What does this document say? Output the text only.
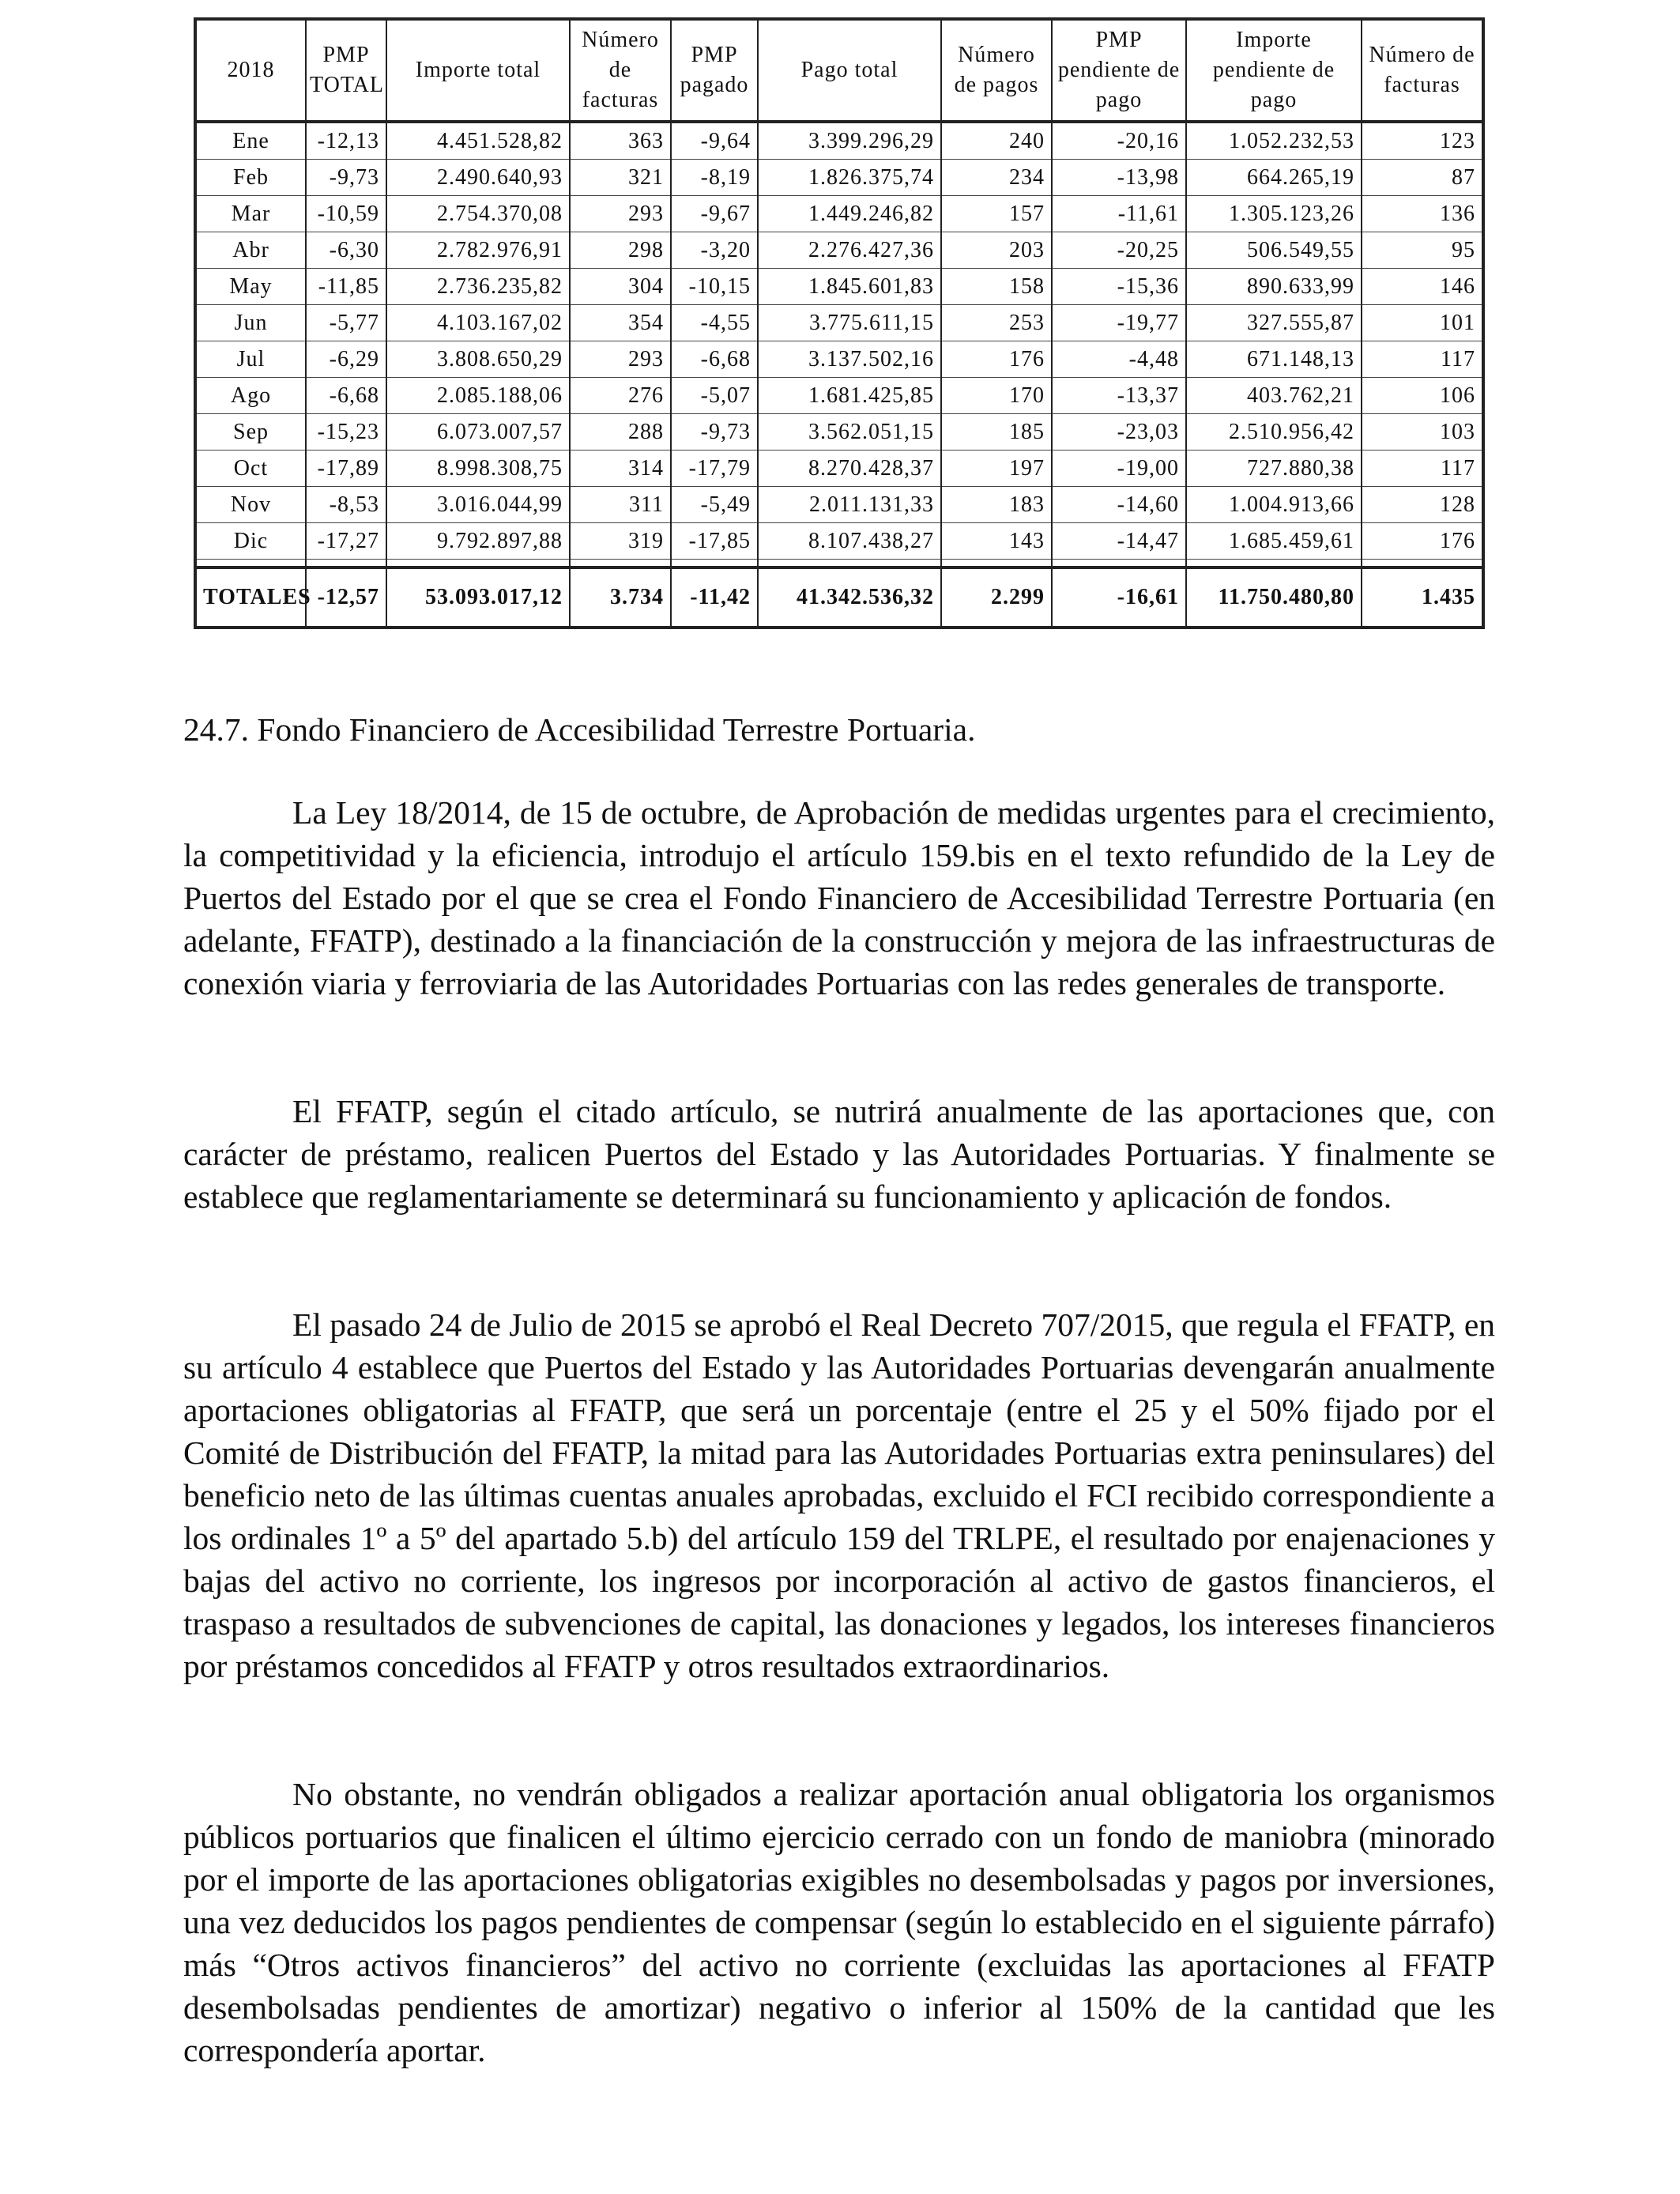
2018	PMP TOTAL	Importe total	Número de facturas	PMP pagado	Pago total	Número de pagos	PMP pendiente de pago	Importe pendiente de pago	Número de facturas
Ene	-12,13	4.451.528,82	363	-9,64	3.399.296,29	240	-20,16	1.052.232,53	123
Feb	-9,73	2.490.640,93	321	-8,19	1.826.375,74	234	-13,98	664.265,19	87
Mar	-10,59	2.754.370,08	293	-9,67	1.449.246,82	157	-11,61	1.305.123,26	136
Abr	-6,30	2.782.976,91	298	-3,20	2.276.427,36	203	-20,25	506.549,55	95
May	-11,85	2.736.235,82	304	-10,15	1.845.601,83	158	-15,36	890.633,99	146
Jun	-5,77	4.103.167,02	354	-4,55	3.775.611,15	253	-19,77	327.555,87	101
Jul	-6,29	3.808.650,29	293	-6,68	3.137.502,16	176	-4,48	671.148,13	117
Ago	-6,68	2.085.188,06	276	-5,07	1.681.425,85	170	-13,37	403.762,21	106
Sep	-15,23	6.073.007,57	288	-9,73	3.562.051,15	185	-23,03	2.510.956,42	103
Oct	-17,89	8.998.308,75	314	-17,79	8.270.428,37	197	-19,00	727.880,38	117
Nov	-8,53	3.016.044,99	311	-5,49	2.011.131,33	183	-14,60	1.004.913,66	128
Dic	-17,27	9.792.897,88	319	-17,85	8.107.438,27	143	-14,47	1.685.459,61	176

TOTALES	-12,57	53.093.017,12	3.734	-11,42	41.342.536,32	2.299	-16,61	11.750.480,80	1.435

24.7. Fondo Financiero de Accesibilidad Terrestre Portuaria.

La Ley 18/2014, de 15 de octubre, de Aprobación de medidas urgentes para el crecimiento, la competitividad y la eficiencia, introdujo el artículo 159.bis en el texto refundido de la Ley de Puertos del Estado por el que se crea el Fondo Financiero de Accesibilidad Terrestre Portuaria (en adelante, FFATP), destinado a la financiación de la construcción y mejora de las infraestructuras de conexión viaria y ferroviaria de las Autoridades Portuarias con las redes generales de transporte.

El FFATP, según el citado artículo, se nutrirá anualmente de las aportaciones que, con carácter de préstamo, realicen Puertos del Estado y las Autoridades Portuarias. Y finalmente se establece que reglamentariamente se determinará su funcionamiento y aplicación de fondos.

El pasado 24 de Julio de 2015 se aprobó el Real Decreto 707/2015, que regula el FFATP, en su artículo 4 establece que Puertos del Estado y las Autoridades Portuarias devengarán anualmente aportaciones obligatorias al FFATP, que será un porcentaje (entre el 25 y el 50% fijado por el Comité de Distribución del FFATP, la mitad para las Autoridades Portuarias extra peninsulares) del beneficio neto de las últimas cuentas anuales aprobadas, excluido el FCI recibido correspondiente a los ordinales 1º a 5º del apartado 5.b) del artículo 159 del TRLPE, el resultado por enajenaciones y bajas del activo no corriente, los ingresos por incorporación al activo de gastos financieros, el traspaso a resultados de subvenciones de capital, las donaciones y legados, los intereses financieros por préstamos concedidos al FFATP y otros resultados extraordinarios.

No obstante, no vendrán obligados a realizar aportación anual obligatoria los organismos públicos portuarios que finalicen el último ejercicio cerrado con un fondo de maniobra (minorado por el importe de las aportaciones obligatorias exigibles no desembolsadas y pagos por inversiones, una vez deducidos los pagos pendientes de compensar (según lo establecido en el siguiente párrafo) más “Otros activos financieros” del activo no corriente (excluidas las aportaciones al FFATP desembolsadas pendientes de amortizar) negativo o inferior al 150% de la cantidad que les correspondería aportar.
